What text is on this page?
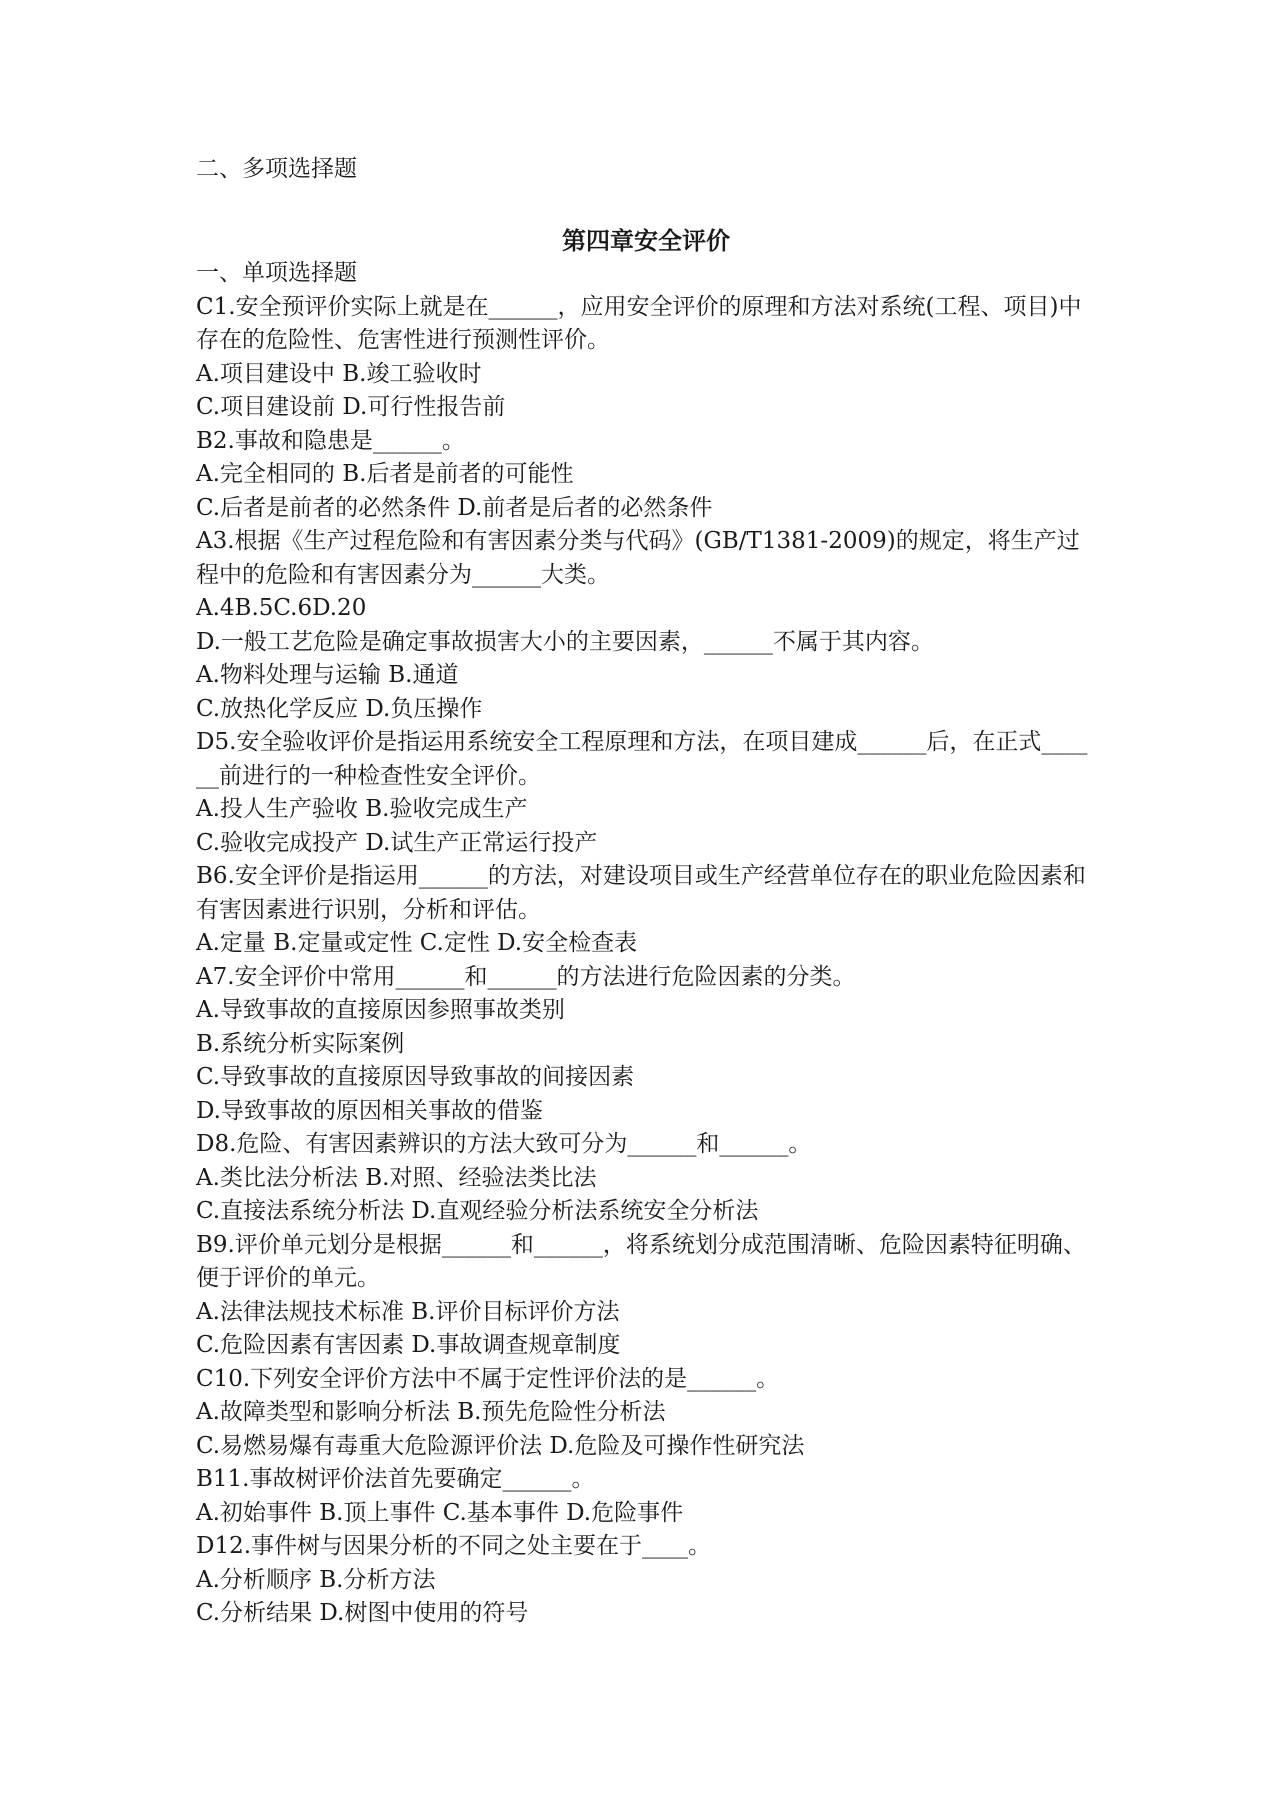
二、多项选择题

第四章安全评价

一、单项选择题

C1.安全预评价实际上就是在______，应用安全评价的原理和方法对系统(工程、项目)中存在的危险性、危害性进行预测性评价。

A.项目建设中 B.竣工验收时

C.项目建设前 D.可行性报告前

B2.事故和隐患是______。

A.完全相同的 B.后者是前者的可能性

C.后者是前者的必然条件 D.前者是后者的必然条件

A3.根据《生产过程危险和有害因素分类与代码》(GB/T1381-2009)的规定，将生产过程中的危险和有害因素分为______大类。

A.4B.5C.6D.20

D.一般工艺危险是确定事故损害大小的主要因素，______不属于其内容。

A.物料处理与运输 B.通道

C.放热化学反应 D.负压操作

D5.安全验收评价是指运用系统安全工程原理和方法，在项目建成______后，在正式______前进行的一种检查性安全评价。

A.投人生产验收 B.验收完成生产

C.验收完成投产 D.试生产正常运行投产

B6.安全评价是指运用______的方法，对建设项目或生产经营单位存在的职业危险因素和有害因素进行识别，分析和评估。

A.定量 B.定量或定性 C.定性 D.安全检查表

A7.安全评价中常用______和______的方法进行危险因素的分类。

A.导致事故的直接原因参照事故类别

B.系统分析实际案例

C.导致事故的直接原因导致事故的间接因素

D.导致事故的原因相关事故的借鉴

D8.危险、有害因素辨识的方法大致可分为______和______。

A.类比法分析法 B.对照、经验法类比法

C.直接法系统分析法 D.直观经验分析法系统安全分析法

B9.评价单元划分是根据______和______，将系统划分成范围清晰、危险因素特征明确、便于评价的单元。

A.法律法规技术标准 B.评价目标评价方法

C.危险因素有害因素 D.事故调查规章制度

C10.下列安全评价方法中不属于定性评价法的是______。

A.故障类型和影响分析法 B.预先危险性分析法

C.易燃易爆有毒重大危险源评价法 D.危险及可操作性研究法

B11.事故树评价法首先要确定______。

A.初始事件 B.顶上事件 C.基本事件 D.危险事件

D12.事件树与因果分析的不同之处主要在于____。

A.分析顺序 B.分析方法

C.分析结果 D.树图中使用的符号
